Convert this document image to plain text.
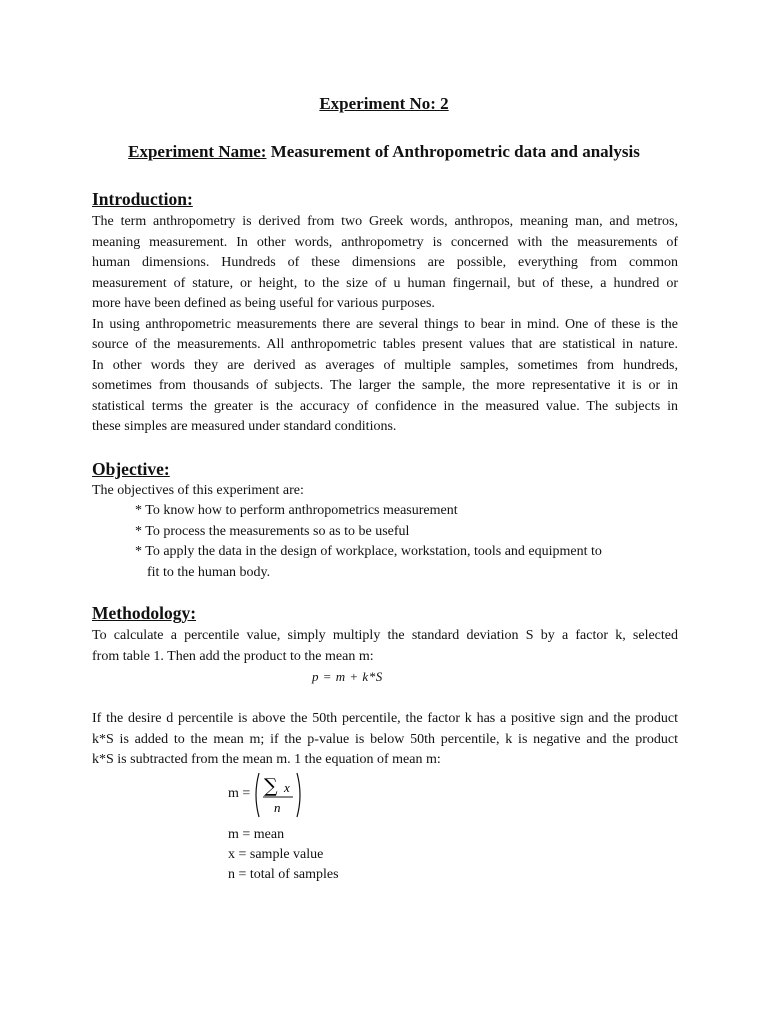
Experiment No: 2
Experiment Name: Measurement of Anthropometric data and analysis
Introduction:
The term anthropometry is derived from two Greek words, anthropos, meaning man, and metros,
meaning measurement. In other words, anthropometry is concerned with the measurements of
human dimensions. Hundreds of these dimensions are possible, everything from common
measurement of stature, or height, to the size of u human fingernail, but of these, a hundred or
more have been defined as being useful for various purposes.
In using anthropometric measurements there are several things to bear in mind. One of these is the
source of the measurements. All anthropometric tables present values that are statistical in nature.
In other words they are derived as averages of multiple samples, sometimes from hundreds,
sometimes from thousands of subjects. The larger the sample, the more representative it is or in
statistical terms the greater is the accuracy of confidence in the measured value. The subjects in
these simples are measured under standard conditions.
Objective:
The objectives of this experiment are:
* To know how to perform anthropometrics measurement
* To process the measurements so as to be useful
* To apply the data in the design of workplace, workstation, tools and equipment to
fit to the human body.
Methodology:
To calculate a percentile value, simply multiply the standard deviation S by a factor k, selected
from table 1. Then add the product to the mean m:
p = m + k*S
If the desire d percentile is above the 50th percentile, the factor k has a positive sign and the product
k*S is added to the mean m; if the p-value is below 50th percentile, k is negative and the product
k*S is subtracted from the mean m. 1 the equation of mean m:
m = ∑ x
n
m = mean
x = sample value
n = total of samples
